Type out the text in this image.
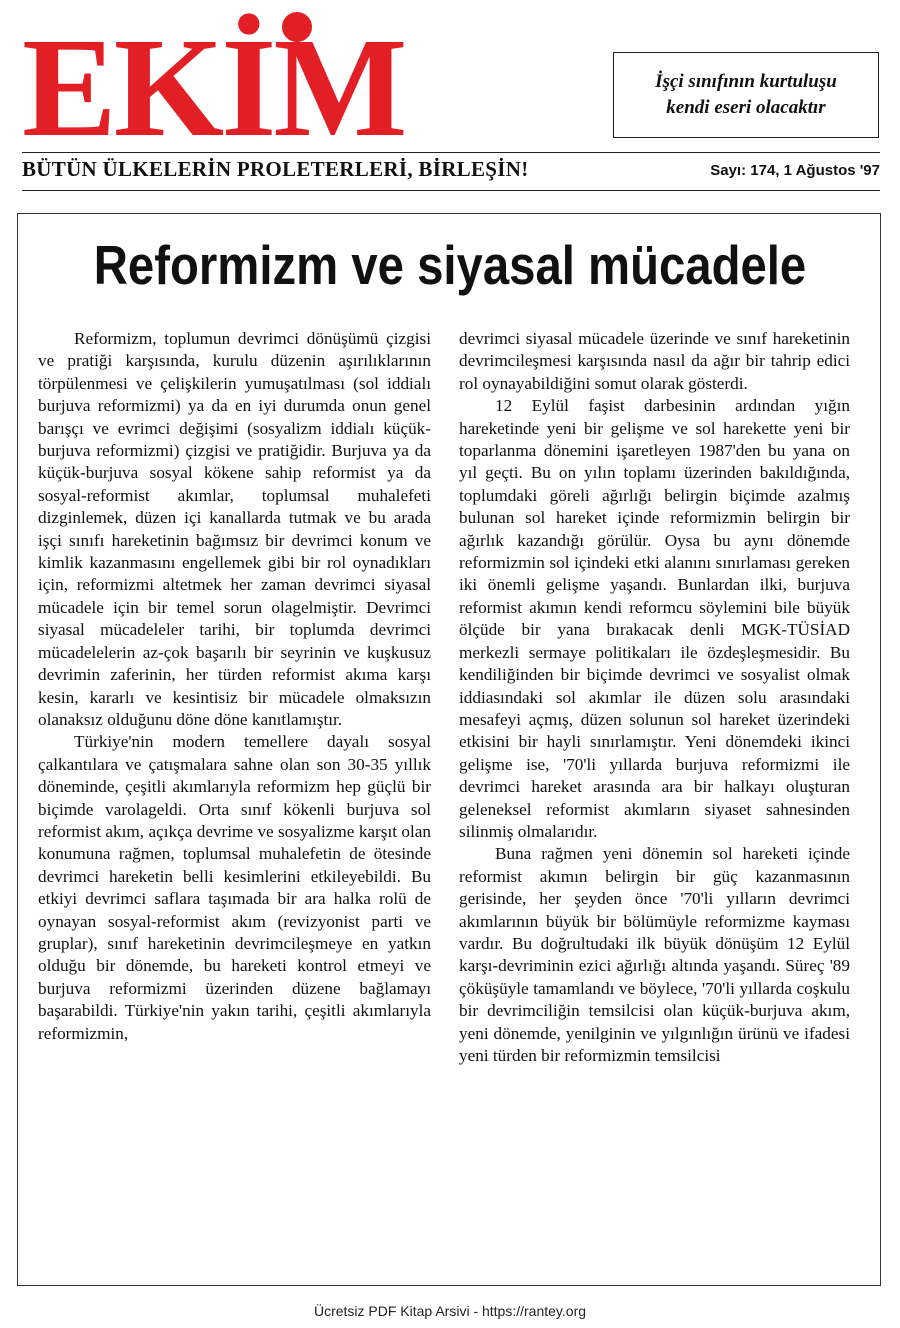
EKİM	İşçi sınıfının kurtuluşu
kendi eseri olacaktır
BÜTÜN ÜLKELERİN PROLETERLERİ, BİRLEŞİN!	Sayı: 174, 1 Ağustos '97
Reformizm ve siyasal mücadele

Reformizm, toplumun devrimci dönüşümü çizgisi ve pratiği karşısında, kurulu düzenin aşırılıklarının törpülenmesi ve çelişkilerin yumuşatılması (sol iddialı burjuva reformizmi) ya da en iyi durumda onun genel barışçı ve evrimci değişimi (sosyalizm iddialı küçük-burjuva reformizmi) çizgisi ve pratiğidir. Burjuva ya da küçük-burjuva sosyal kökene sahip reformist ya da sosyal-reformist akımlar, toplumsal muhalefeti dizginlemek, düzen içi kanallarda tutmak ve bu arada işçi sınıfı hareketinin bağımsız bir devrimci konum ve kimlik kazanmasını engellemek gibi bir rol oynadıkları için, reformizmi altetmek her zaman devrimci siyasal mücadele için bir temel sorun olagelmiştir. Devrimci siyasal mücadeleler tarihi, bir toplumda devrimci mücadelelerin az-çok başarılı bir seyrinin ve kuşkusuz devrimin zaferinin, her türden reformist akıma karşı kesin, kararlı ve kesintisiz bir mücadele olmaksızın olanaksız olduğunu döne döne kanıtlamıştır.

Türkiye'nin modern temellere dayalı sosyal çalkantılara ve çatışmalara sahne olan son 30-35 yıllık döneminde, çeşitli akımlarıyla reformizm hep güçlü bir biçimde varolageldi. Orta sınıf kökenli burjuva sol reformist akım, açıkça devrime ve sosyalizme karşıt olan konumuna rağmen, toplumsal muhalefetin de ötesinde devrimci hareketin belli kesimlerini etkileyebildi. Bu etkiyi devrimci saflara taşımada bir ara halka rolü de oynayan sosyal-reformist akım (revizyonist parti ve gruplar), sınıf hareketinin devrimcileşmeye en yatkın olduğu bir dönemde, bu hareketi kontrol etmeyi ve burjuva reformizmi üzerinden düzene bağlamayı başarabildi. Türkiye'nin yakın tarihi, çeşitli akımlarıyla reformizmin,

devrimci siyasal mücadele üzerinde ve sınıf hareketinin devrimcileşmesi karşısında nasıl da ağır bir tahrip edici rol oynayabildiğini somut olarak gösterdi.

12 Eylül faşist darbesinin ardından yığın hareketinde yeni bir gelişme ve sol harekette yeni bir toparlanma dönemini işaretleyen 1987'den bu yana on yıl geçti. Bu on yılın toplamı üzerinden bakıldığında, toplumdaki göreli ağırlığı belirgin biçimde azalmış bulunan sol hareket içinde reformizmin belirgin bir ağırlık kazandığı görülür. Oysa bu aynı dönemde reformizmin sol içindeki etki alanını sınırlaması gereken iki önemli gelişme yaşandı. Bunlardan ilki, burjuva reformist akımın kendi reformcu söylemini bile büyük ölçüde bir yana bırakacak denli MGK-TÜSİAD merkezli sermaye politikaları ile özdeşleşmesidir. Bu kendiliğinden bir biçimde devrimci ve sosyalist olmak iddiasındaki sol akımlar ile düzen solu arasındaki mesafeyi açmış, düzen solunun sol hareket üzerindeki etkisini bir hayli sınırlamıştır. Yeni dönemdeki ikinci gelişme ise, '70'li yıllarda burjuva reformizmi ile devrimci hareket arasında ara bir halkayı oluşturan geleneksel reformist akımların siyaset sahnesinden silinmiş olmalarıdır.

Buna rağmen yeni dönemin sol hareketi içinde reformist akımın belirgin bir güç kazanmasının gerisinde, her şeyden önce '70'li yılların devrimci akımlarının büyük bir bölümüyle reformizme kayması vardır. Bu doğrultudaki ilk büyük dönüşüm 12 Eylül karşı-devriminin ezici ağırlığı altında yaşandı. Süreç '89 çöküşüyle tamamlandı ve böylece, '70'li yıllarda coşkulu bir devrimciliğin temsilcisi olan küçük-burjuva akım, yeni dönemde, yenilginin ve yılgınlığın ürünü ve ifadesi yeni türden bir reformizmin temsilcisi

Ücretsiz PDF Kitap Arsivi - https://rantey.org
